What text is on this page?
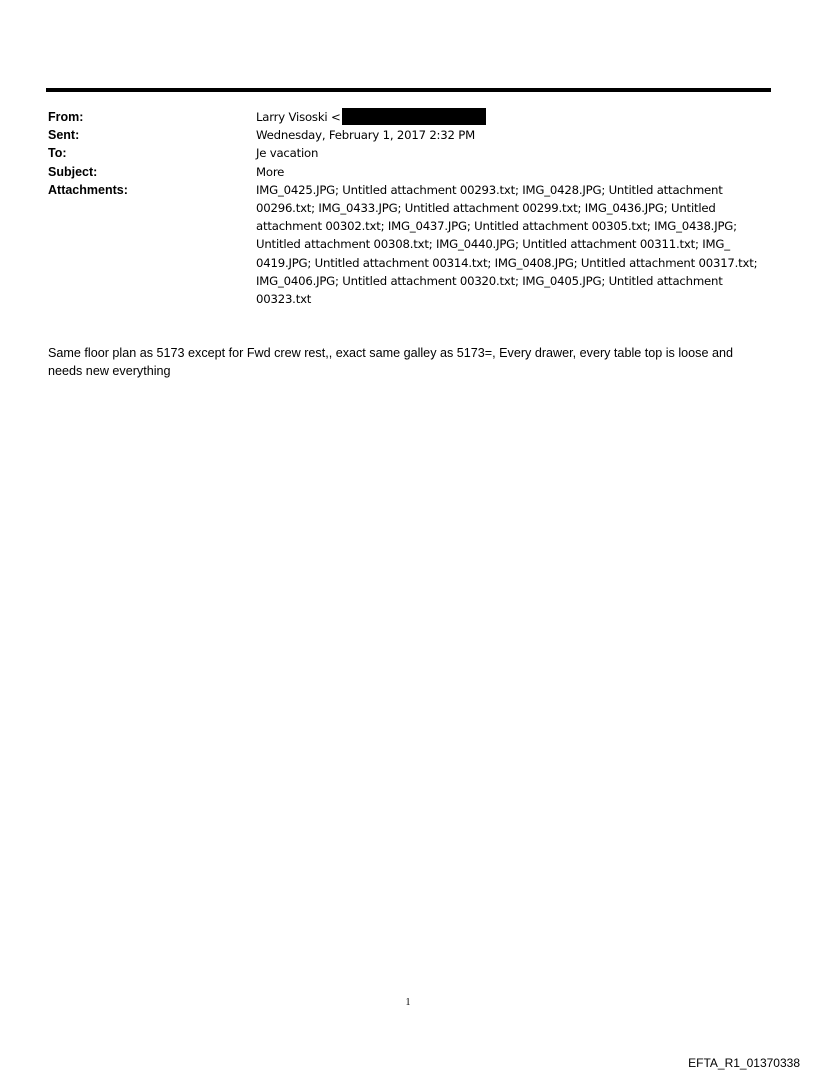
From:	Larry Visoski <
Sent:	Wednesday, February 1, 2017 2:32 PM
To:	Je vacation
Subject:	More
Attachments:	IMG_0425.JPG; Untitled attachment 00293.txt; IMG_0428.JPG; Untitled attachment 00296.txt; IMG_0433.JPG; Untitled attachment 00299.txt; IMG_0436.JPG; Untitled attachment 00302.txt; IMG_0437.JPG; Untitled attachment 00305.txt; IMG_0438.JPG; Untitled attachment 00308.txt; IMG_0440.JPG; Untitled attachment 00311.txt; IMG_ 0419.JPG; Untitled attachment 00314.txt; IMG_0408.JPG; Untitled attachment 00317.txt; IMG_0406.JPG; Untitled attachment 00320.txt; IMG_0405.JPG; Untitled attachment 00323.txt
Same floor plan as 5173 except for Fwd crew rest,, exact same galley as 5173=, Every drawer, every table top is loose and needs new everything
1
EFTA_R1_01370338
